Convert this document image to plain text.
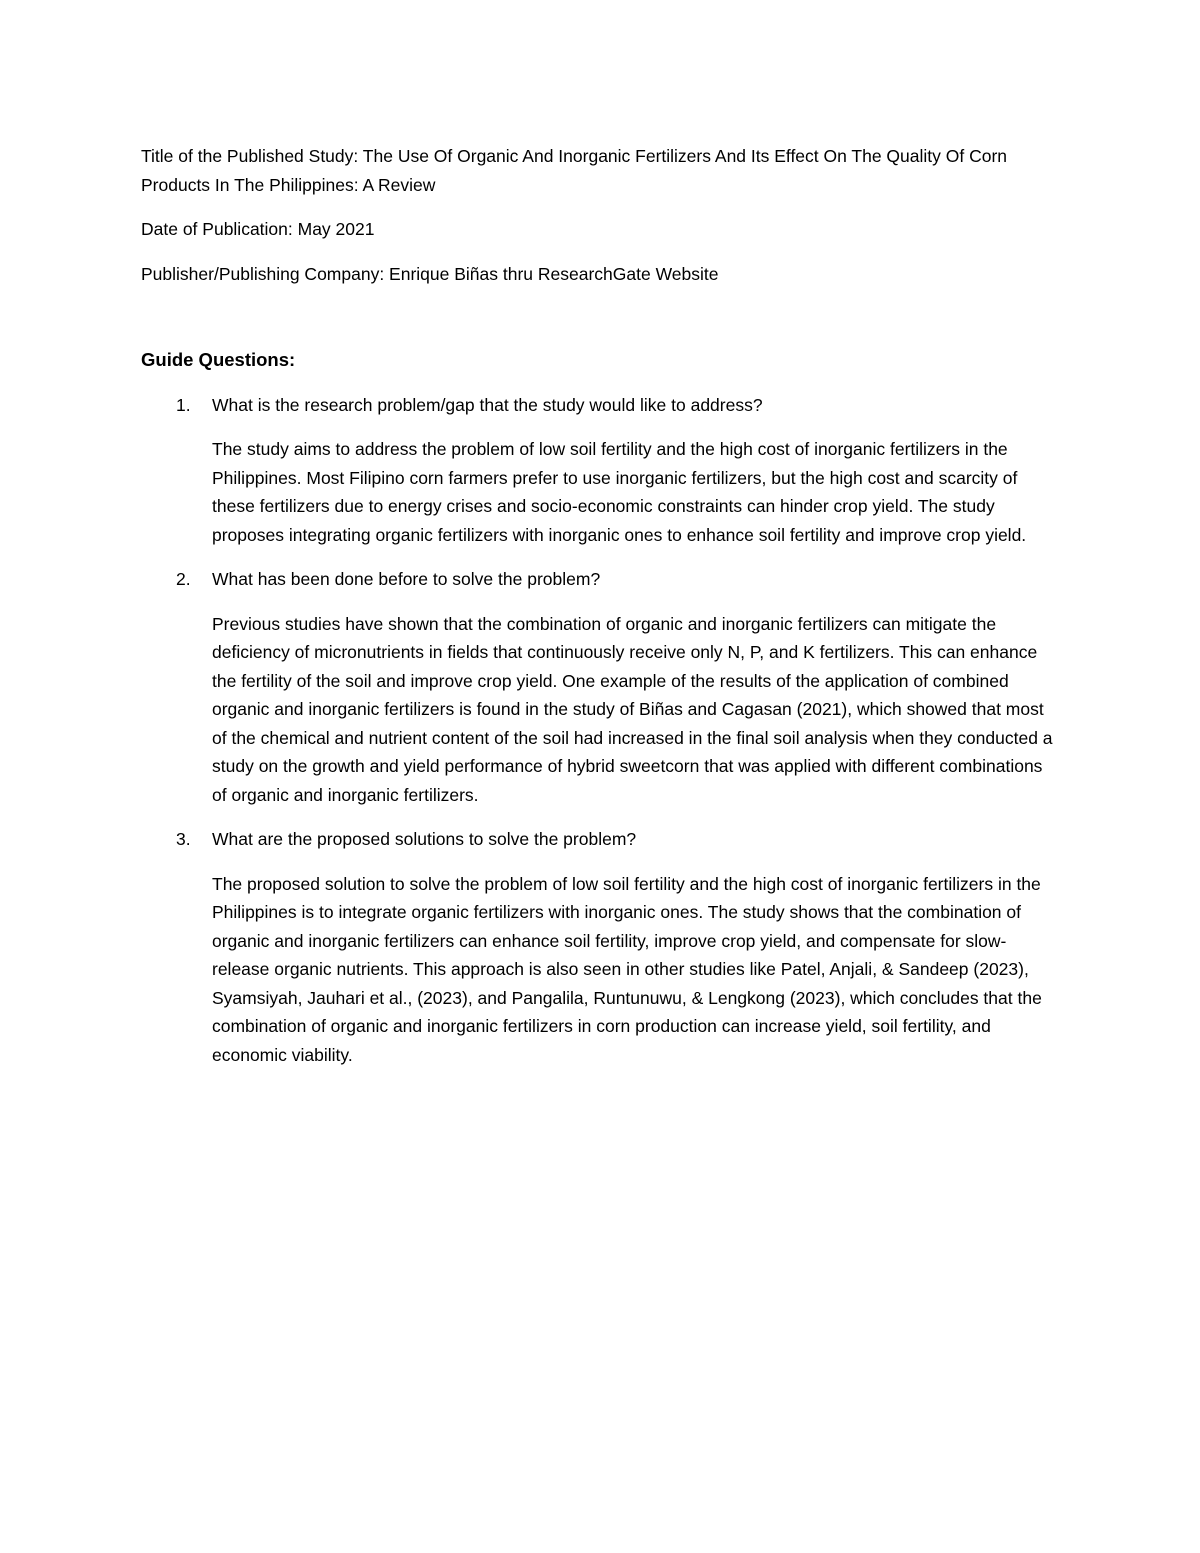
Title of the Published Study: The Use Of Organic And Inorganic Fertilizers And Its Effect On The Quality Of Corn Products In The Philippines: A Review

Date of Publication: May 2021

Publisher/Publishing Company: Enrique Biñas thru ResearchGate Website

Guide Questions:

1. What is the research problem/gap that the study would like to address?

The study aims to address the problem of low soil fertility and the high cost of inorganic fertilizers in the Philippines. Most Filipino corn farmers prefer to use inorganic fertilizers, but the high cost and scarcity of these fertilizers due to energy crises and socio-economic constraints can hinder crop yield. The study proposes integrating organic fertilizers with inorganic ones to enhance soil fertility and improve crop yield.

2. What has been done before to solve the problem?

Previous studies have shown that the combination of organic and inorganic fertilizers can mitigate the deficiency of micronutrients in fields that continuously receive only N, P, and K fertilizers. This can enhance the fertility of the soil and improve crop yield. One example of the results of the application of combined organic and inorganic fertilizers is found in the study of Biñas and Cagasan (2021), which showed that most of the chemical and nutrient content of the soil had increased in the final soil analysis when they conducted a study on the growth and yield performance of hybrid sweetcorn that was applied with different combinations of organic and inorganic fertilizers.

3. What are the proposed solutions to solve the problem?

The proposed solution to solve the problem of low soil fertility and the high cost of inorganic fertilizers in the Philippines is to integrate organic fertilizers with inorganic ones. The study shows that the combination of organic and inorganic fertilizers can enhance soil fertility, improve crop yield, and compensate for slow-release organic nutrients. This approach is also seen in other studies like Patel, Anjali, & Sandeep (2023), Syamsiyah, Jauhari et al., (2023), and Pangalila, Runtunuwu, & Lengkong (2023), which concludes that the combination of organic and inorganic fertilizers in corn production can increase yield, soil fertility, and economic viability.
